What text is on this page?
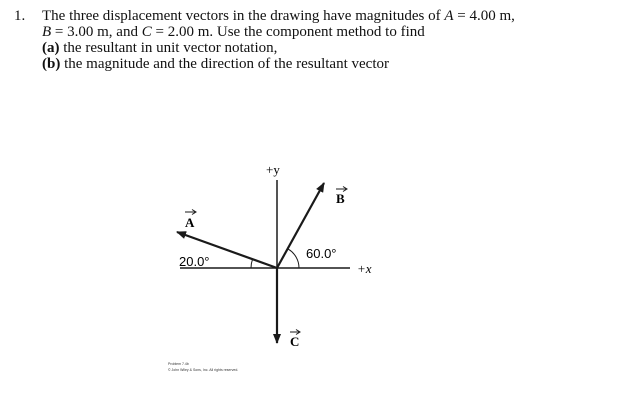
1. The three displacement vectors in the drawing have magnitudes of A = 4.00 m,
B = 3.00 m, and C = 2.00 m. Use the component method to find
(a) the resultant in unit vector notation,
(b) the magnitude and the direction of the resultant vector
+y
+x
A
B
C
20.0°
60.0°
Problem 7.4b
© John Wiley & Sons, Inc. All rights reserved.
